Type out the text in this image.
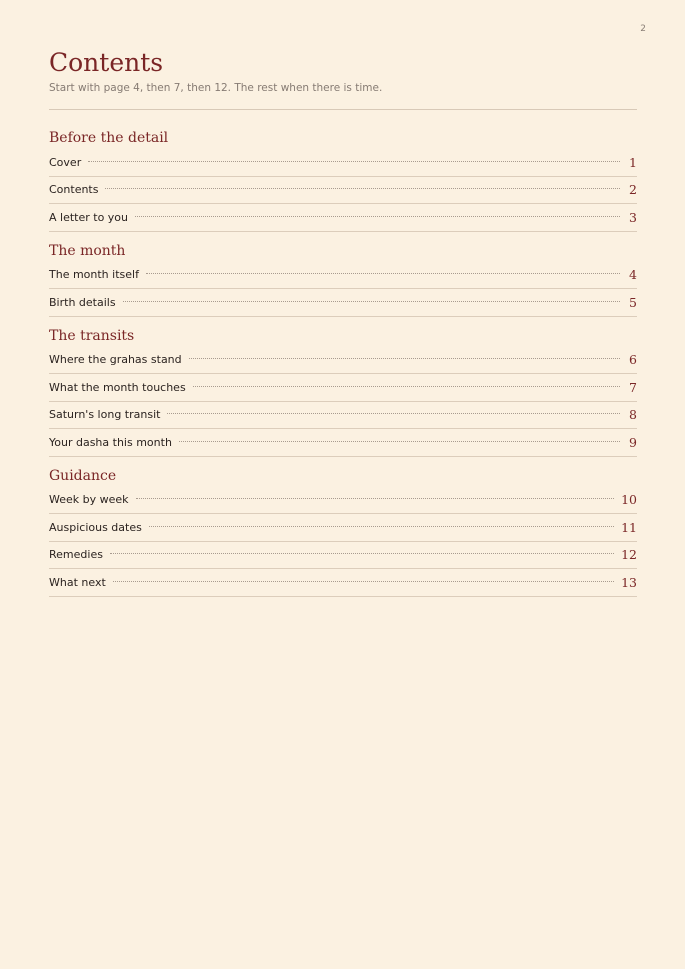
2
Contents
Start with page 4, then 7, then 12. The rest when there is time.
Before the detail
Cover	1
Contents	2
A letter to you	3
The month
The month itself	4
Birth details	5
The transits
Where the grahas stand	6
What the month touches	7
Saturn's long transit	8
Your dasha this month	9
Guidance
Week by week	10
Auspicious dates	11
Remedies	12
What next	13
